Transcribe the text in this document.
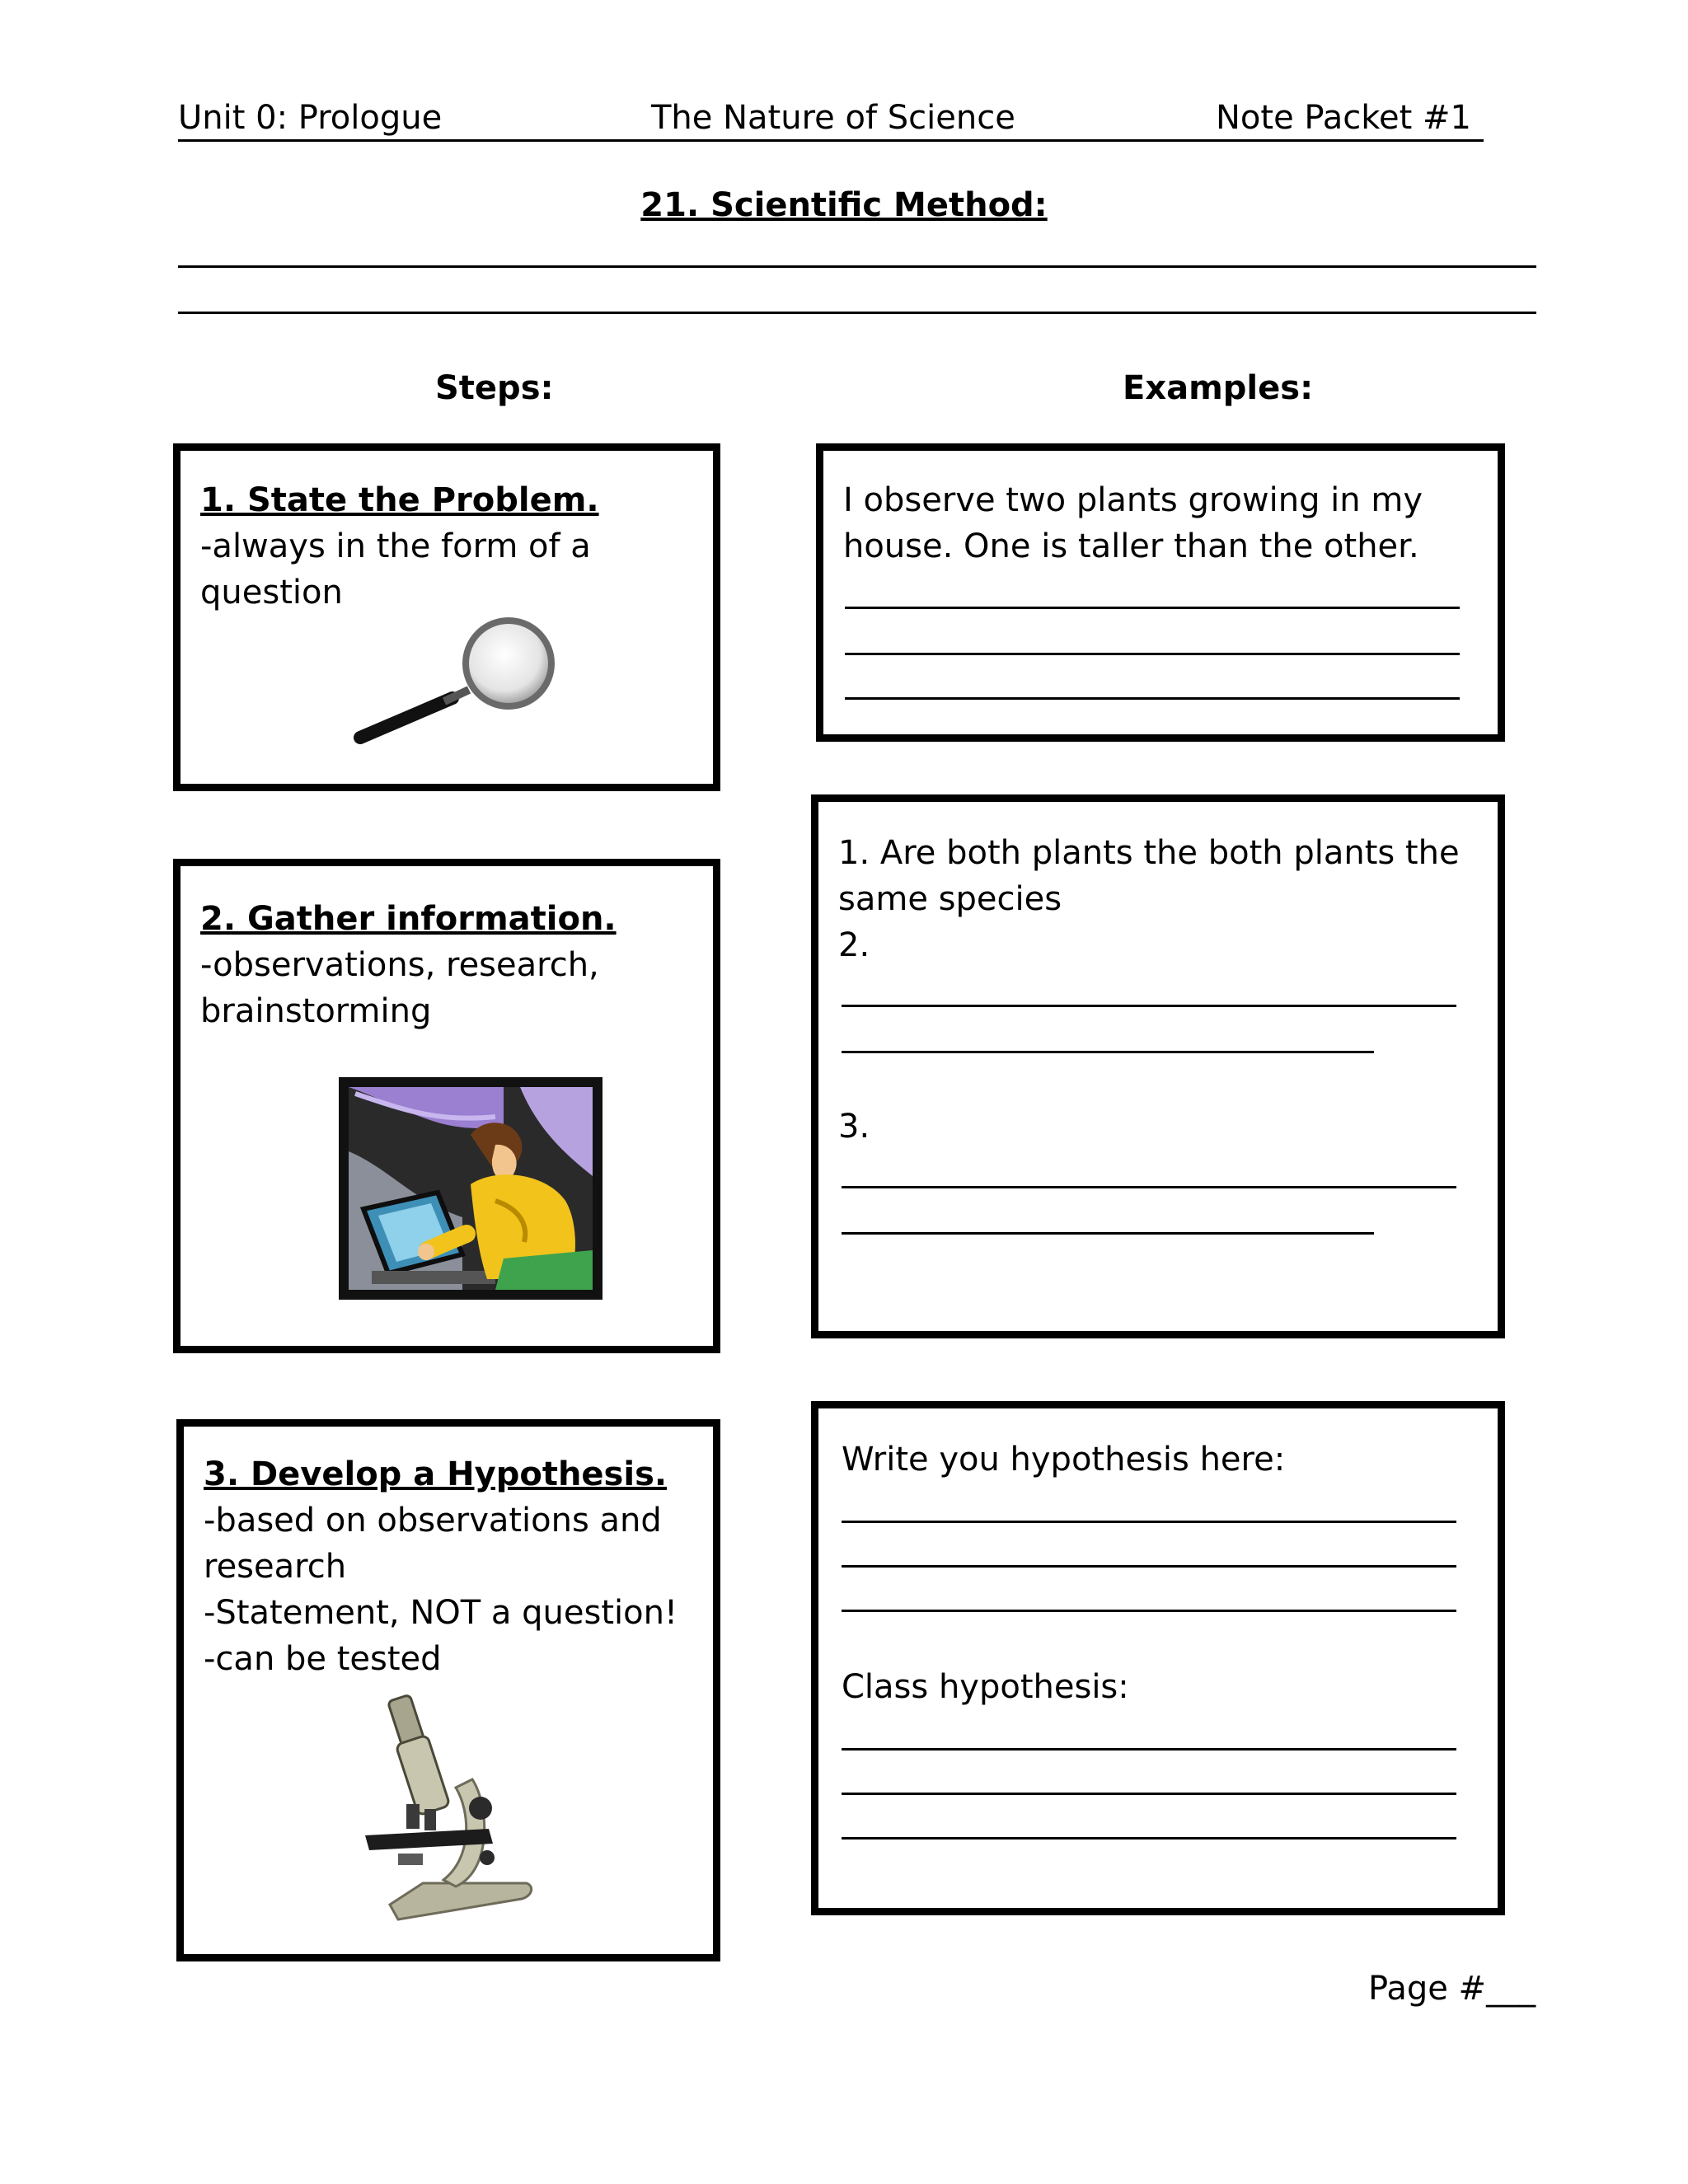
Unit 0: Prologue	The Nature of Science	Note Packet #1
21. Scientific Method:
Steps:	Examples:
1. State the Problem.
-always in the form of a
question
2. Gather information.
-observations, research,
brainstorming
3. Develop a Hypothesis.
-based on observations and
research
-Statement, NOT a question!
-can be tested
I observe two plants growing in my
house. One is taller than the other.
1. Are both plants the both plants the
same species
2.
3.
Write you hypothesis here:
Class hypothesis:
Page #___
